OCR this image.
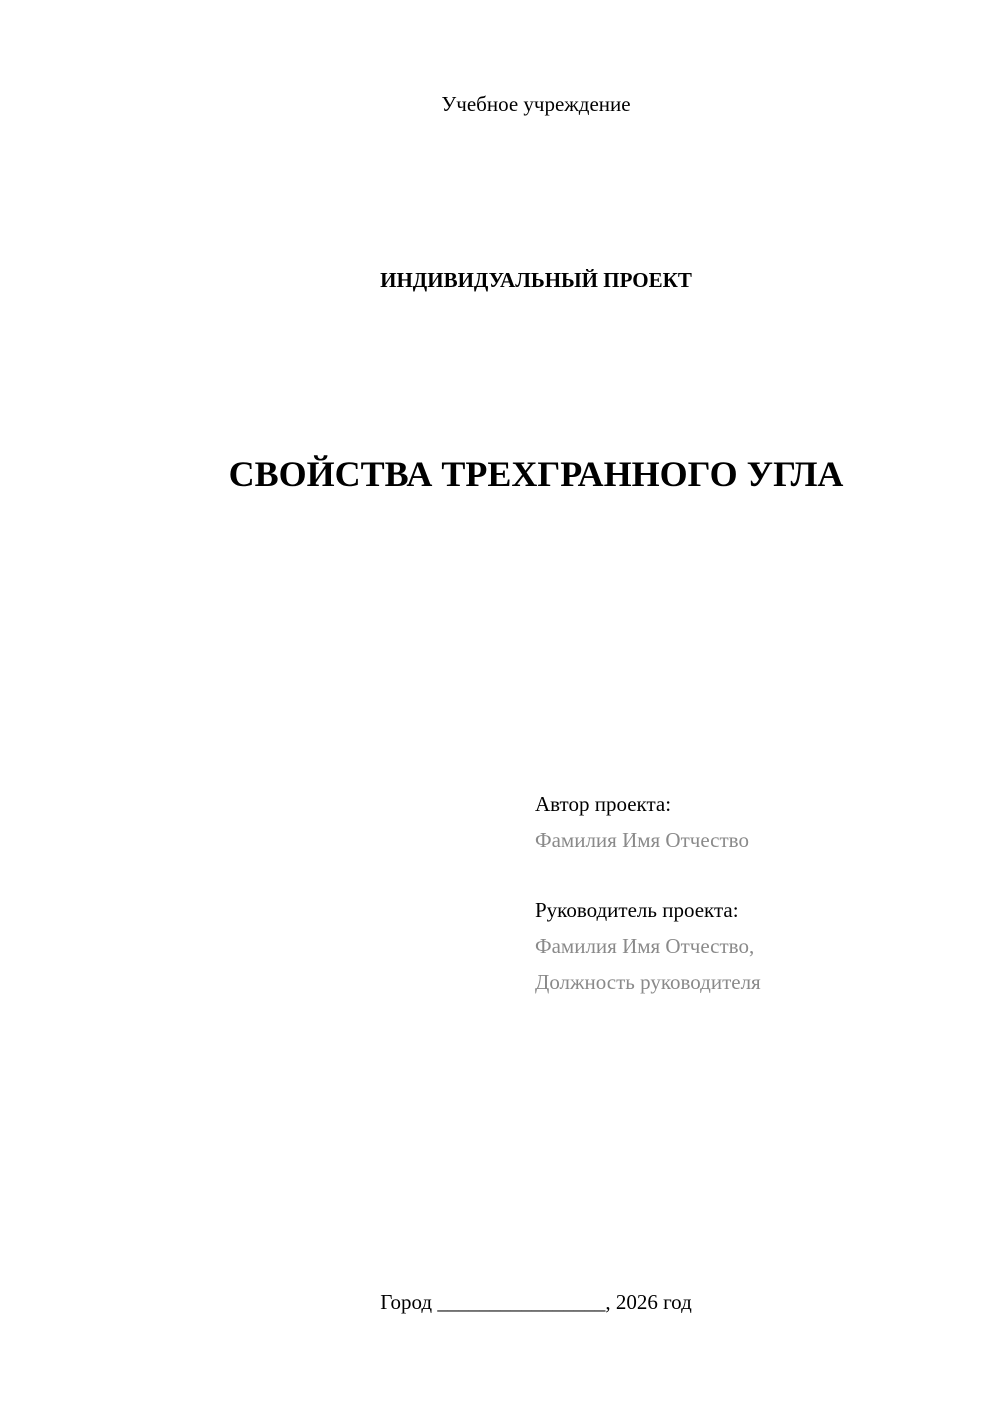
Учебное учреждение
ИНДИВИДУАЛЬНЫЙ ПРОЕКТ
СВОЙСТВА ТРЕХГРАННОГО УГЛА
Автор проекта:
Фамилия Имя Отчество
Руководитель проекта:
Фамилия Имя Отчество,
Должность руководителя
Город ________________, 2026 год
